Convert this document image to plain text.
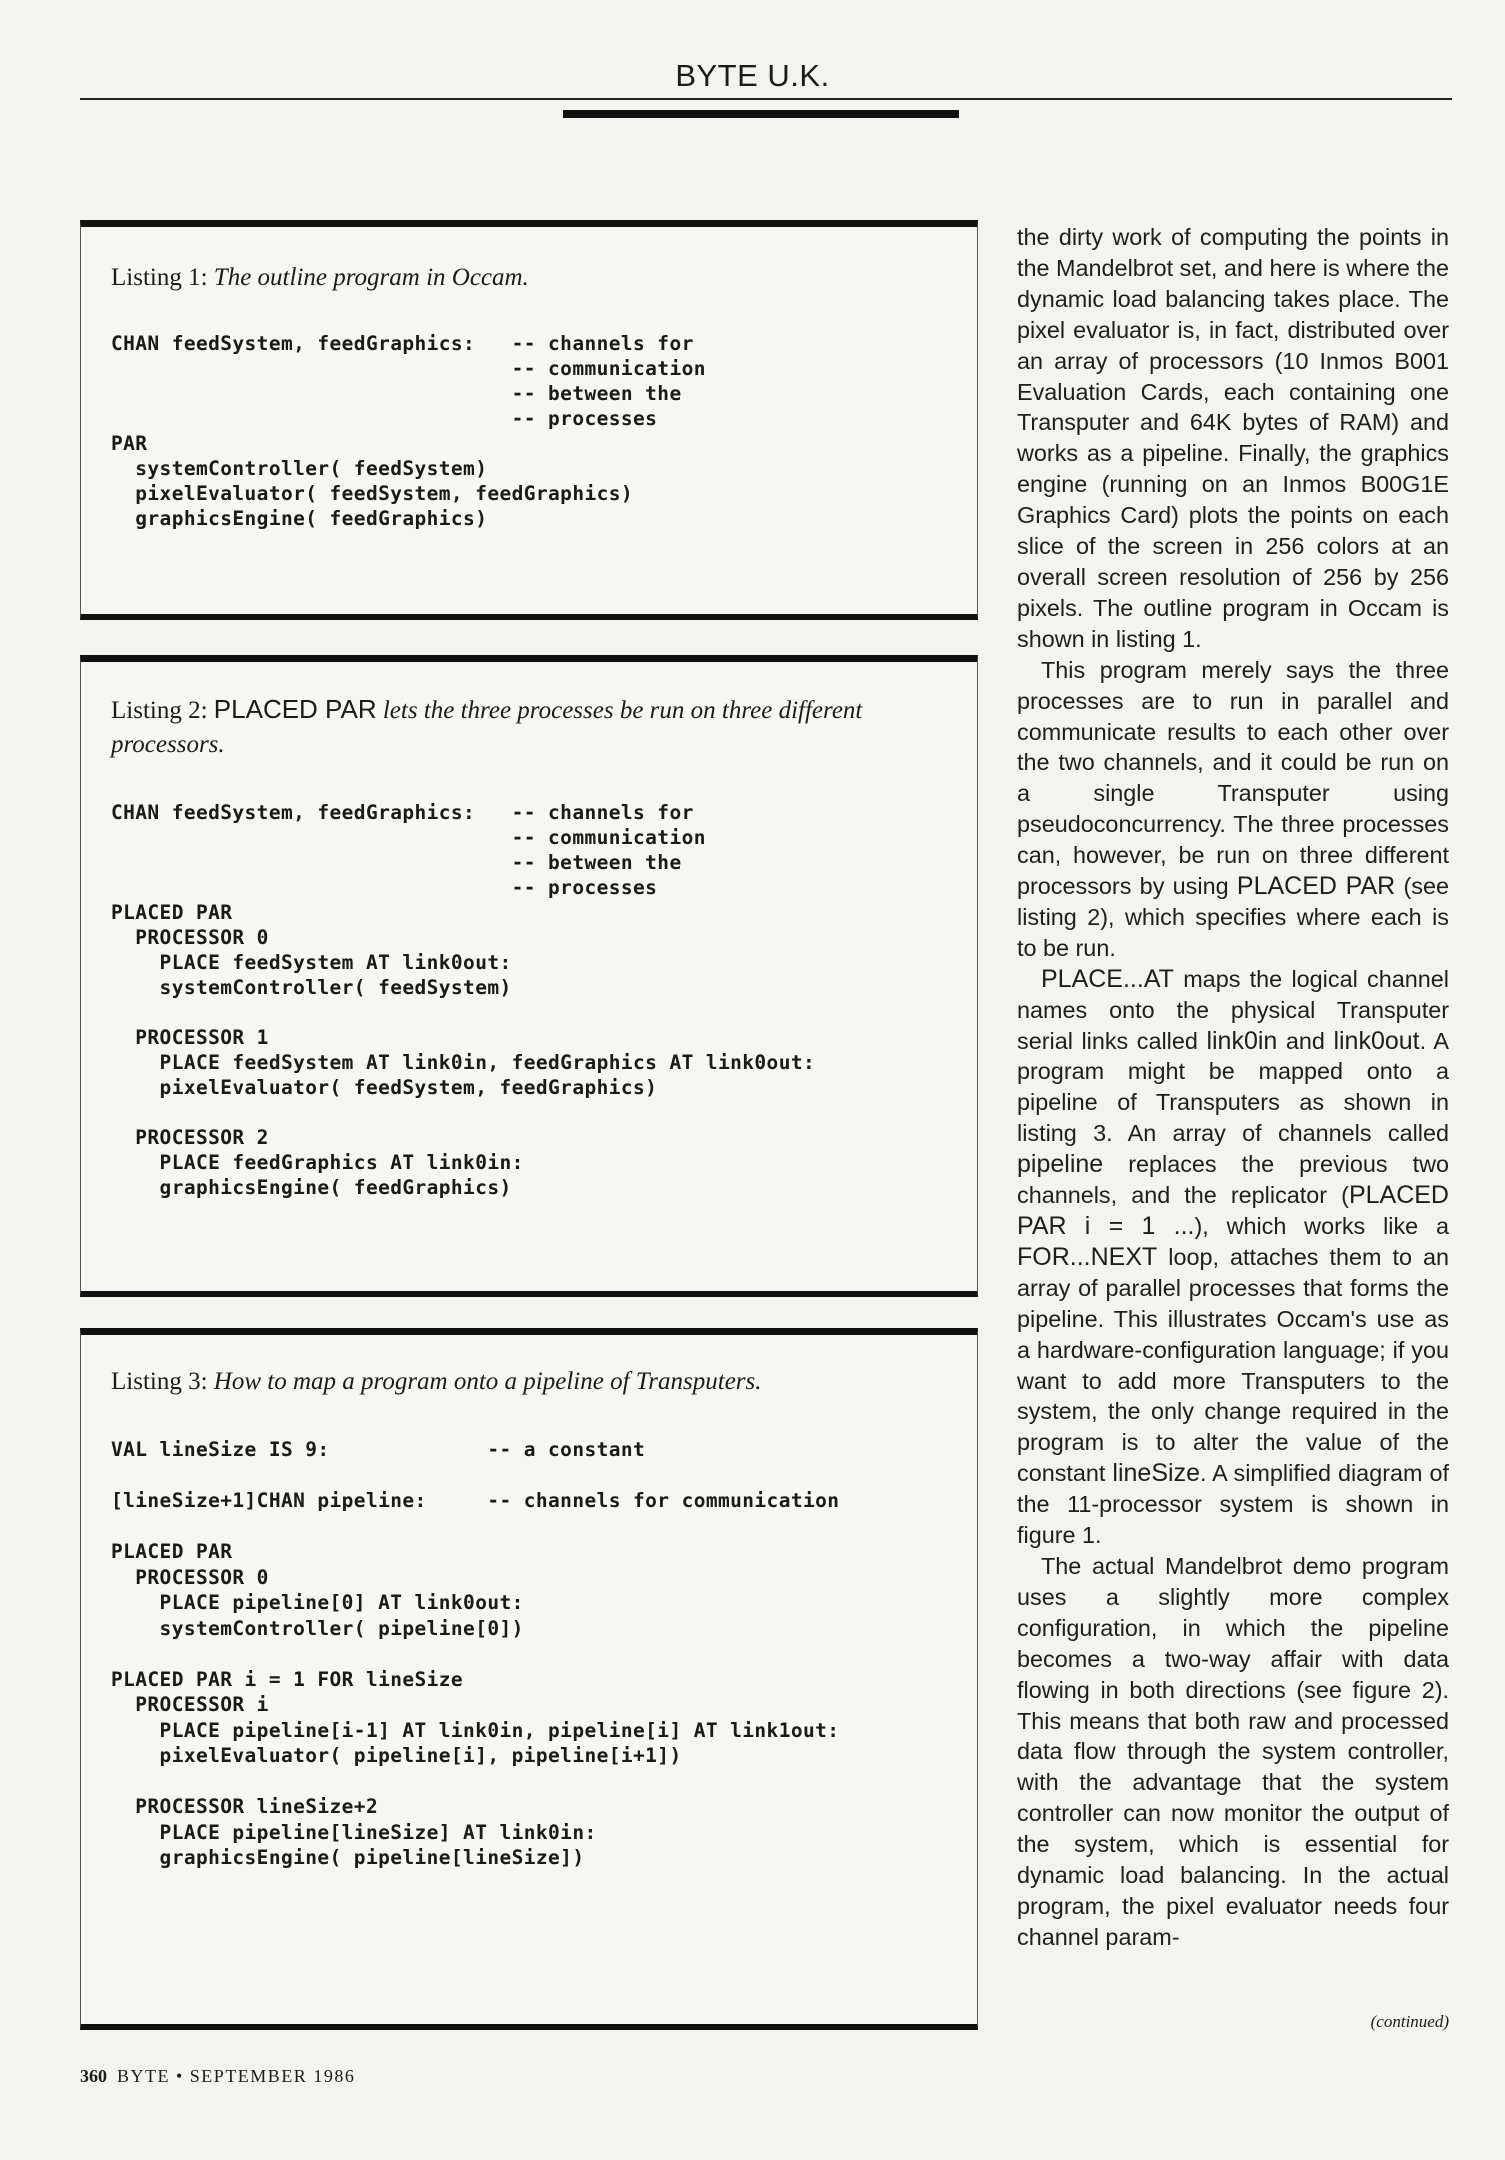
BYTE U.K.
Listing 1: The outline program in Occam.
CHAN feedSystem, feedGraphics:   -- channels for
-- communication
-- between the
-- processes
PAR
systemController( feedSystem)
pixelEvaluator( feedSystem, feedGraphics)
graphicsEngine( feedGraphics)
Listing 2: PLACED PAR lets the three processes be run on three different processors.
CHAN feedSystem, feedGraphics:   -- channels for
-- communication
-- between the
-- processes
PLACED PAR
PROCESSOR 0
PLACE feedSystem AT link0out:
systemController( feedSystem)

PROCESSOR 1
PLACE feedSystem AT link0in, feedGraphics AT link0out:
pixelEvaluator( feedSystem, feedGraphics)

PROCESSOR 2
PLACE feedGraphics AT link0in:
graphicsEngine( feedGraphics)
Listing 3: How to map a program onto a pipeline of Transputers.
VAL lineSize IS 9:             -- a constant

[lineSize+1]CHAN pipeline:     -- channels for communication

PLACED PAR
PROCESSOR 0
PLACE pipeline[0] AT link0out:
systemController( pipeline[0])

PLACED PAR i = 1 FOR lineSize
PROCESSOR i
PLACE pipeline[i-1] AT link0in, pipeline[i] AT link1out:
pixelEvaluator( pipeline[i], pipeline[i+1])

PROCESSOR lineSize+2
PLACE pipeline[lineSize] AT link0in:
graphicsEngine( pipeline[lineSize])

the dirty work of computing the points in the Mandelbrot set, and here is where the dynamic load balancing takes place. The pixel evaluator is, in fact, distributed over an array of processors (10 Inmos B001 Evaluation Cards, each containing one Transputer and 64K bytes of RAM) and works as a pipeline. Finally, the graphics engine (running on an Inmos B00G1E Graphics Card) plots the points on each slice of the screen in 256 colors at an overall screen resolution of 256 by 256 pixels. The outline program in Occam is shown in listing 1.

This program merely says the three processes are to run in parallel and communicate results to each other over the two channels, and it could be run on a single Transputer using pseudoconcurrency. The three processes can, however, be run on three different processors by using PLACED PAR (see listing 2), which specifies where each is to be run.

PLACE...AT maps the logical channel names onto the physical Transputer serial links called link0in and link0out. A program might be mapped onto a pipeline of Transputers as shown in listing 3. An array of channels called pipeline replaces the previous two channels, and the replicator (PLACED PAR i = 1 ...), which works like a FOR...NEXT loop, attaches them to an array of parallel processes that forms the pipeline. This illustrates Occam's use as a hardware-configuration language; if you want to add more Transputers to the system, the only change required in the program is to alter the value of the constant lineSize. A simplified diagram of the 11-processor system is shown in figure 1.

The actual Mandelbrot demo program uses a slightly more complex configuration, in which the pipeline becomes a two-way affair with data flowing in both directions (see figure 2). This means that both raw and processed data flow through the system controller, with the advantage that the system controller can now monitor the output of the system, which is essential for dynamic load balancing. In the actual program, the pixel evaluator needs four channel param-

(continued)
360 BYTE • SEPTEMBER 1986
